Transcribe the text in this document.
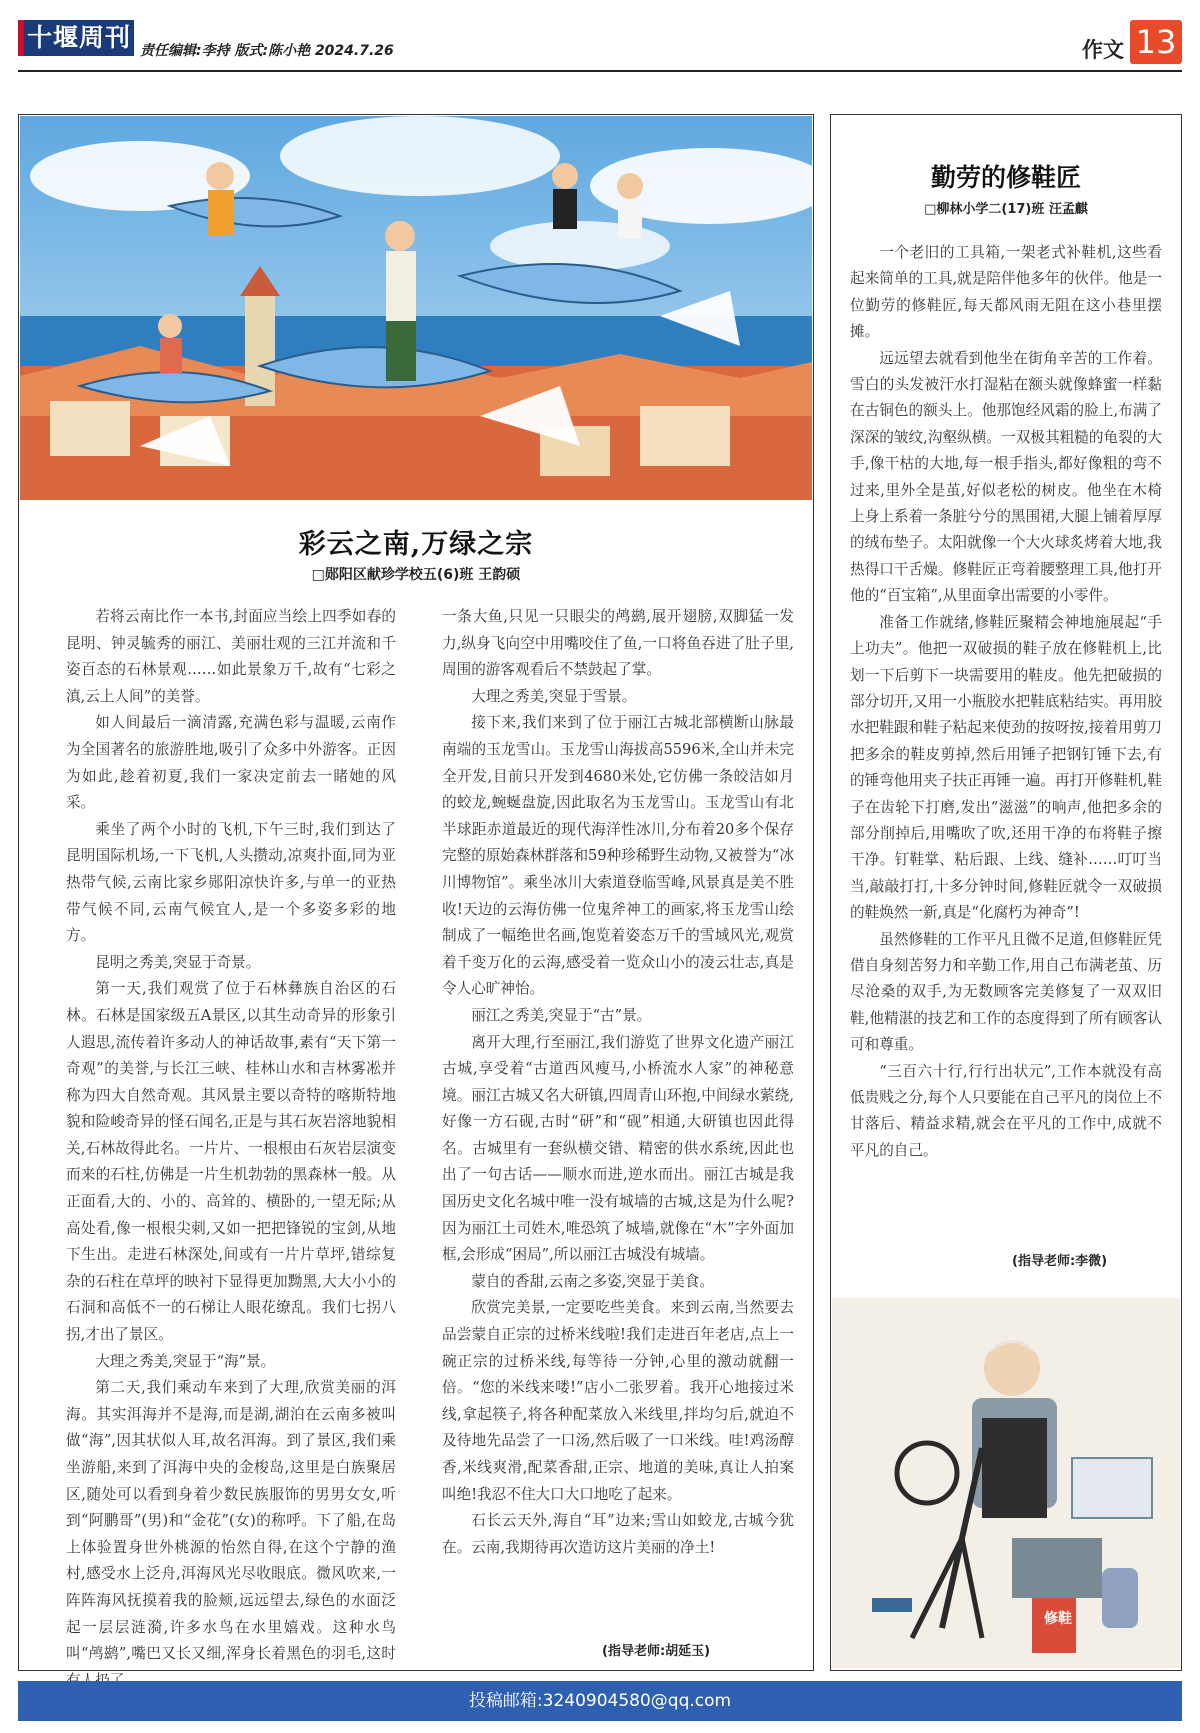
十堰周刊 责任编辑:李持 版式:陈小艳 2024.7.26	作文 13
彩云之南,万绿之宗
□郧阳区献珍学校五(6)班 王韵硕

若将云南比作一本书,封面应当绘上四季如春的昆明、钟灵毓秀的丽江、美丽壮观的三江并流和千姿百态的石林景观……如此景象万千,故有“七彩之滇,云上人间”的美誉。

如人间最后一滴清露,充满色彩与温暖,云南作为全国著名的旅游胜地,吸引了众多中外游客。正因为如此,趁着初夏,我们一家决定前去一睹她的风采。

乘坐了两个小时的飞机,下午三时,我们到达了昆明国际机场,一下飞机,人头攒动,凉爽扑面,同为亚热带气候,云南比家乡郧阳凉快许多,与单一的亚热带气候不同,云南气候宜人,是一个多姿多彩的地方。

昆明之秀美,突显于奇景。

第一天,我们观赏了位于石林彝族自治区的石林。石林是国家级五A景区,以其生动奇异的形象引人遐思,流传着许多动人的神话故事,素有“天下第一奇观”的美誉,与长江三峡、桂林山水和吉林雾凇并称为四大自然奇观。其风景主要以奇特的喀斯特地貌和险峻奇异的怪石闻名,正是与其石灰岩溶地貌相关,石林故得此名。一片片、一根根由石灰岩层演变而来的石柱,仿佛是一片生机勃勃的黑森林一般。从正面看,大的、小的、高耸的、横卧的,一望无际;从高处看,像一根根尖刺,又如一把把锋锐的宝剑,从地下生出。走进石林深处,间或有一片片草坪,错综复杂的石柱在草坪的映衬下显得更加黝黑,大大小小的石洞和高低不一的石梯让人眼花缭乱。我们七拐八拐,才出了景区。

大理之秀美,突显于“海”景。

第二天,我们乘动车来到了大理,欣赏美丽的洱海。其实洱海并不是海,而是湖,湖泊在云南多被叫做“海”,因其状似人耳,故名洱海。到了景区,我们乘坐游船,来到了洱海中央的金梭岛,这里是白族聚居区,随处可以看到身着少数民族服饰的男男女女,听到“阿鹏哥”(男)和“金花”(女)的称呼。下了船,在岛上体验置身世外桃源的怡然自得,在这个宁静的渔村,感受水上泛舟,洱海风光尽收眼底。微风吹来,一阵阵海风抚摸着我的脸颊,远远望去,绿色的水面泛起一层层涟漪,许多水鸟在水里嬉戏。这种水鸟叫“鸬鹚”,嘴巴又长又细,浑身长着黑色的羽毛,这时

一条大鱼,只见一只眼尖的鸬鹚,展开翅膀,双脚猛一发力,纵身飞向空中用嘴咬住了鱼,一口将鱼吞进了肚子里,周围的游客观看后不禁鼓起了掌。

大理之秀美,突显于雪景。

接下来,我们来到了位于丽江古城北部横断山脉最南端的玉龙雪山。玉龙雪山海拔高5596米,全山并未完全开发,目前只开发到4680米处,它仿佛一条皎洁如月的蛟龙,蜿蜒盘旋,因此取名为玉龙雪山。玉龙雪山有北半球距赤道最近的现代海洋性冰川,分布着20多个保存完整的原始森林群落和59种珍稀野生动物,又被誉为“冰川博物馆”。乘坐冰川大索道登临雪峰,风景真是美不胜收!天边的云海仿佛一位鬼斧神工的画家,将玉龙雪山绘制成了一幅绝世名画,饱览着姿态万千的雪域风光,观赏着千变万化的云海,感受着一览众山小的凌云壮志,真是令人心旷神怡。

丽江之秀美,突显于“古”景。

离开大理,行至丽江,我们游览了世界文化遗产丽江古城,享受着“古道西风瘦马,小桥流水人家”的神秘意境。丽江古城又名大研镇,四周青山环抱,中间绿水萦绕,好像一方石砚,古时“研”和“砚”相通,大研镇也因此得名。古城里有一套纵横交错、精密的供水系统,因此也出了一句古话——顺水而进,逆水而出。丽江古城是我国历史文化名城中唯一没有城墙的古城,这是为什么呢?因为丽江土司姓木,唯恐筑了城墙,就像在“木”字外面加框,会形成“困局”,所以丽江古城没有城墙。

蒙自的香甜,云南之多姿,突显于美食。

欣赏完美景,一定要吃些美食。来到云南,当然要去品尝蒙自正宗的过桥米线啦!我们走进百年老店,点上一碗正宗的过桥米线,每等待一分钟,心里的激动就翻一倍。“您的米线来喽!”店小二张罗着。我开心地接过米线,拿起筷子,将各种配菜放入米线里,拌均匀后,就迫不及待地先品尝了一口汤,然后吸了一口米线。哇!鸡汤醇香,米线爽滑,配菜香甜,正宗、地道的美味,真让人拍案叫绝!我忍不住大口大口地吃了起来。

石长云天外,海自“耳”边来;雪山如蛟龙,古城今犹在。云南,我期待再次造访这片美丽的净土!

(指导老师:胡延玉)
勤劳的修鞋匠
□柳林小学二(17)班 汪孟麒

一个老旧的工具箱,一架老式补鞋机,这些看起来简单的工具,就是陪伴他多年的伙伴。他是一位勤劳的修鞋匠,每天都风雨无阻在这小巷里摆摊。

远远望去就看到他坐在街角辛苦的工作着。雪白的头发被汗水打湿粘在额头就像蜂蜜一样黏在古铜色的额头上。他那饱经风霜的脸上,布满了深深的皱纹,沟壑纵横。一双极其粗糙的龟裂的大手,像干枯的大地,每一根手指头,都好像粗的弯不过来,里外全是茧,好似老松的树皮。他坐在木椅上身上系着一条脏兮兮的黑围裙,大腿上铺着厚厚的绒布垫子。太阳就像一个大火球炙烤着大地,我热得口干舌燥。修鞋匠正弯着腰整理工具,他打开他的“百宝箱”,从里面拿出需要的小零件。

准备工作就绪,修鞋匠聚精会神地施展起“手上功夫”。他把一双破损的鞋子放在修鞋机上,比划一下后剪下一块需要用的鞋皮。他先把破损的部分切开,又用一小瓶胶水把鞋底粘结实。再用胶水把鞋跟和鞋子粘起来使劲的按呀按,接着用剪刀把多余的鞋皮剪掉,然后用锤子把钢钉锤下去,有的锤弯他用夹子扶正再锤一遍。再打开修鞋机,鞋子在齿轮下打磨,发出“滋滋”的响声,他把多余的部分削掉后,用嘴吹了吹,还用干净的布将鞋子擦干净。钉鞋掌、粘后跟、上线、缝补……叮叮当当,敲敲打打,十多分钟时间,修鞋匠就令一双破损的鞋焕然一新,真是“化腐朽为神奇”!

虽然修鞋的工作平凡且微不足道,但修鞋匠凭借自身刻苦努力和辛勤工作,用自己布满老茧、历尽沧桑的双手,为无数顾客完美修复了一双双旧鞋,他精湛的技艺和工作的态度得到了所有顾客认可和尊重。

“三百六十行,行行出状元”,工作本就没有高低贵贱之分,每个人只要能在自己平凡的岗位上不甘落后、精益求精,就会在平凡的工作中,成就不平凡的自己。

(指导老师:李微)
修鞋
投稿邮箱:3240904580@qq.com
